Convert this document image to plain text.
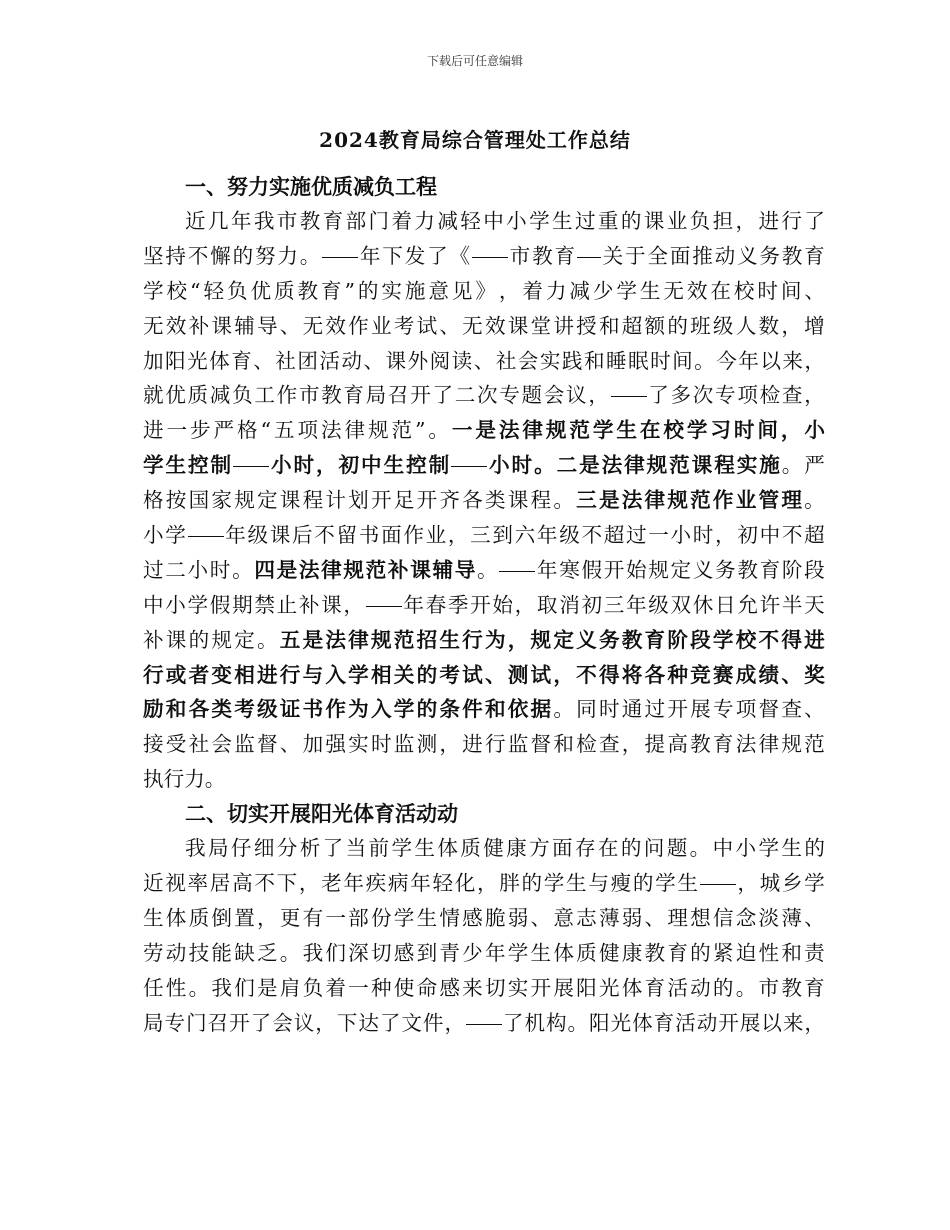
下载后可任意编辑
2024教育局综合管理处工作总结
一、努力实施优质减负工程
近 几 年 我 市 教 育 部 门 着 力 减 轻 中 小 学 生 过 重 的 课 业 负 担 ， 进 行 了
坚 持 不 懈 的 努 力 。 年 下 发 了 《 市 教 育 关 于 全 面 推 动 义 务 教 育
学 校 “ 轻 负 优 质 教 育 ” 的 实 施 意 见 》 ， 着 力 减 少 学 生 无 效 在 校 时 间 、
无 效 补 课 辅 导 、 无 效 作 业 考 试 、 无 效 课 堂 讲 授 和 超 额 的 班 级 人 数 ， 增
加 阳 光 体 育 、 社 团 活 动 、 课 外 阅 读 、 社 会 实 践 和 睡 眠 时 间 。 今 年 以 来 ，
就 优 质 减 负 工 作 市 教 育 局 召 开 了 二 次 专 题 会 议 ， 了 多 次 专 项 检 查 ，
进 一 步 严 格 “ 五 项 法 律 规 范 ” 。 一 是 法 律 规 范 学 生 在 校 学 习 时 间 ， 小
学 生 控 制 小 时 ， 初 中 生 控 制 小 时 。 二 是 法 律 规 范 课 程 实 施 。 严
格 按 国 家 规 定 课 程 计 划 开 足 开 齐 各 类 课 程 。 三 是 法 律 规 范 作 业 管 理 。
小 学 年 级 课 后 不 留 书 面 作 业 ， 三 到 六 年 级 不 超 过 一 小 时 ， 初 中 不 超
过 二 小 时 。 四 是 法 律 规 范 补 课 辅 导 。 年 寒 假 开 始 规 定 义 务 教 育 阶 段
中 小 学 假 期 禁 止 补 课 ， 年 春 季 开 始 ， 取 消 初 三 年 级 双 休 日 允 许 半 天
补 课 的 规 定 。 五 是 法 律 规 范 招 生 行 为 ， 规 定 义 务 教 育 阶 段 学 校 不 得 进
行 或 者 变 相 进 行 与 入 学 相 关 的 考 试 、 测 试 ， 不 得 将 各 种 竞 赛 成 绩 、 奖
励 和 各 类 考 级 证 书 作 为 入 学 的 条 件 和 依 据 。 同 时 通 过 开 展 专 项 督 查 、
接 受 社 会 监 督 、 加 强 实 时 监 测 ， 进 行 监 督 和 检 查 ， 提 高 教 育 法 律 规 范
执 行 力 。
二、切实开展阳光体育活动动
我 局 仔 细 分 析 了 当 前 学 生 体 质 健 康 方 面 存 在 的 问 题 。 中 小 学 生 的
近 视 率 居 高 不 下 ， 老 年 疾 病 年 轻 化 ， 胖 的 学 生 与 瘦 的 学 生 ， 城 乡 学
生 体 质 倒 置 ， 更 有 一 部 份 学 生 情 感 脆 弱 、 意 志 薄 弱 、 理 想 信 念 淡 薄 、
劳 动 技 能 缺 乏 。 我 们 深 切 感 到 青 少 年 学 生 体 质 健 康 教 育 的 紧 迫 性 和 责
任 性 。 我 们 是 肩 负 着 一 种 使 命 感 来 切 实 开 展 阳 光 体 育 活 动 的 。 市 教 育
局 专 门 召 开 了 会 议 ， 下 达 了 文 件 ， 了 机 构 。 阳 光 体 育 活 动 开 展 以 来 ，
